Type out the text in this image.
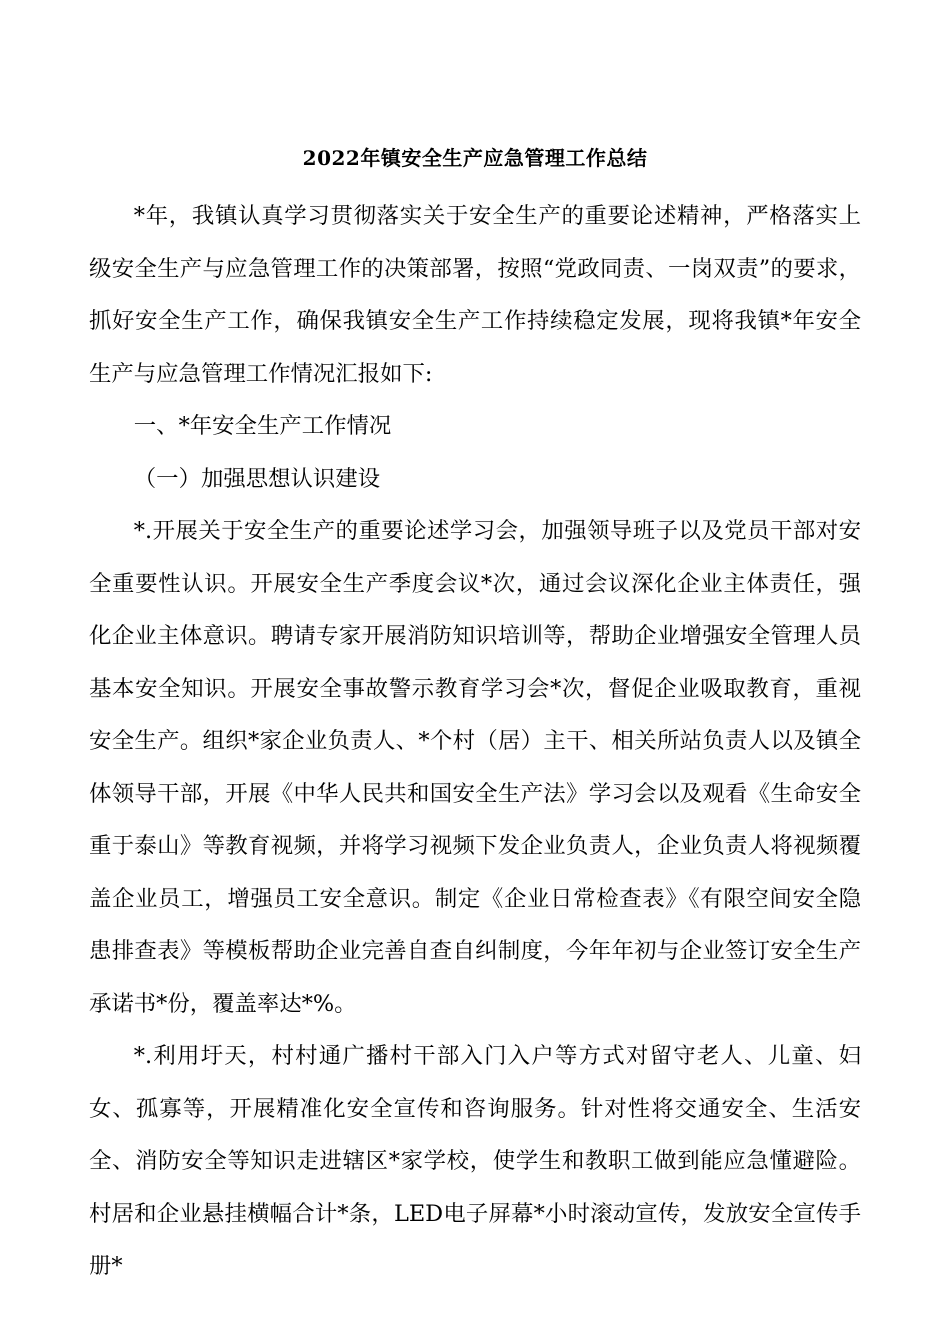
2022年镇安全生产应急管理工作总结

*年，我镇认真学习贯彻落实关于安全生产的重要论述精神，严格落实上级安全生产与应急管理工作的决策部署，按照“党政同责、一岗双责”的要求，抓好安全生产工作，确保我镇安全生产工作持续稳定发展，现将我镇*年安全生产与应急管理工作情况汇报如下:

一、*年安全生产工作情况

（一）加强思想认识建设

*.开展关于安全生产的重要论述学习会，加强领导班子以及党员干部对安全重要性认识。开展安全生产季度会议*次，通过会议深化企业主体责任，强化企业主体意识。聘请专家开展消防知识培训等，帮助企业增强安全管理人员基本安全知识。开展安全事故警示教育学习会*次，督促企业吸取教育，重视安全生产。组织*家企业负责人、*个村（居）主干、相关所站负责人以及镇全体领导干部，开展《中华人民共和国安全生产法》学习会以及观看《生命安全重于泰山》等教育视频，并将学习视频下发企业负责人，企业负责人将视频覆盖企业员工，增强员工安全意识。制定《企业日常检查表》《有限空间安全隐患排查表》等模板帮助企业完善自查自纠制度，今年年初与企业签订安全生产承诺书*份，覆盖率达*%。

*.利用圩天，村村通广播村干部入门入户等方式对留守老人、儿童、妇女、孤寡等，开展精准化安全宣传和咨询服务。针对性将交通安全、生活安全、消防安全等知识走进辖区*家学校，使学生和教职工做到能应急懂避险。村居和企业悬挂横幅合计*条，LED电子屏幕*小时滚动宣传，发放安全宣传手册*
